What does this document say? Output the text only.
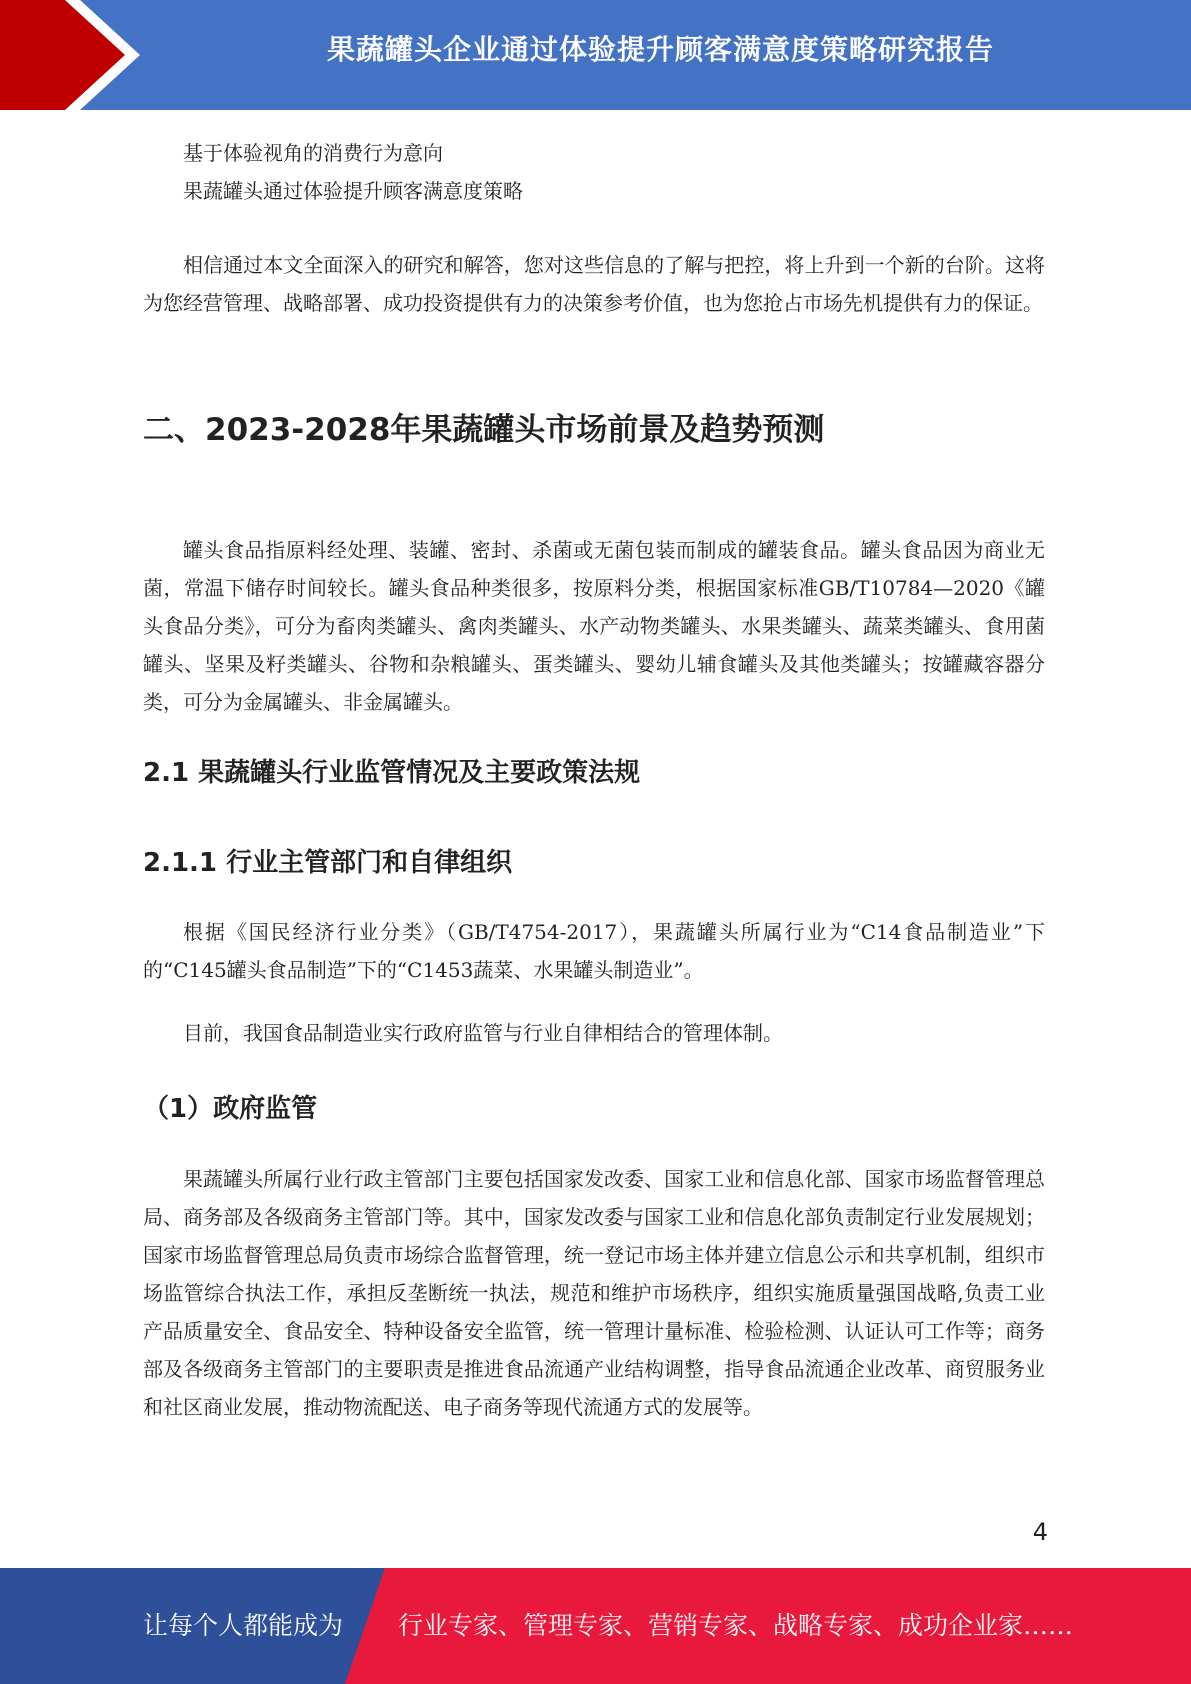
果蔬罐头企业通过体验提升顾客满意度策略研究报告

基于体验视角的消费行为意向

果蔬罐头通过体验提升顾客满意度策略

相信通过本文全面深入的研究和解答，您对这些信息的了解与把控，将上升到一个新的台阶。这将为您经营管理、战略部署、成功投资提供有力的决策参考价值，也为您抢占市场先机提供有力的保证。

二、2023-2028年果蔬罐头市场前景及趋势预测

罐头食品指原料经处理、装罐、密封、杀菌或无菌包装而制成的罐装食品。罐头食品因为商业无菌，常温下储存时间较长。罐头食品种类很多，按原料分类，根据国家标准GB/T10784—2020《罐头食品分类》，可分为畜肉类罐头、禽肉类罐头、水产动物类罐头、水果类罐头、蔬菜类罐头、食用菌罐头、坚果及籽类罐头、谷物和杂粮罐头、蛋类罐头、婴幼儿辅食罐头及其他类罐头；按罐藏容器分类，可分为金属罐头、非金属罐头。

2.1 果蔬罐头行业监管情况及主要政策法规
2.1.1 行业主管部门和自律组织

根据《国民经济行业分类》（GB/T4754-2017），果蔬罐头所属行业为“C14食品制造业”下的“C145罐头食品制造”下的“C1453蔬菜、水果罐头制造业”。

目前，我国食品制造业实行政府监管与行业自律相结合的管理体制。

（1）政府监管

果蔬罐头所属行业行政主管部门主要包括国家发改委、国家工业和信息化部、国家市场监督管理总局、商务部及各级商务主管部门等。其中，国家发改委与国家工业和信息化部负责制定行业发展规划；国家市场监督管理总局负责市场综合监督管理，统一登记市场主体并建立信息公示和共享机制，组织市场监管综合执法工作，承担反垄断统一执法，规范和维护市场秩序，组织实施质量强国战略,负责工业产品质量安全、食品安全、特种设备安全监管，统一管理计量标准、检验检测、认证认可工作等；商务部及各级商务主管部门的主要职责是推进食品流通产业结构调整，指导食品流通企业改革、商贸服务业和社区商业发展，推动物流配送、电子商务等现代流通方式的发展等。

4
让每个人都能成为 行业专家、管理专家、营销专家、战略专家、成功企业家……
